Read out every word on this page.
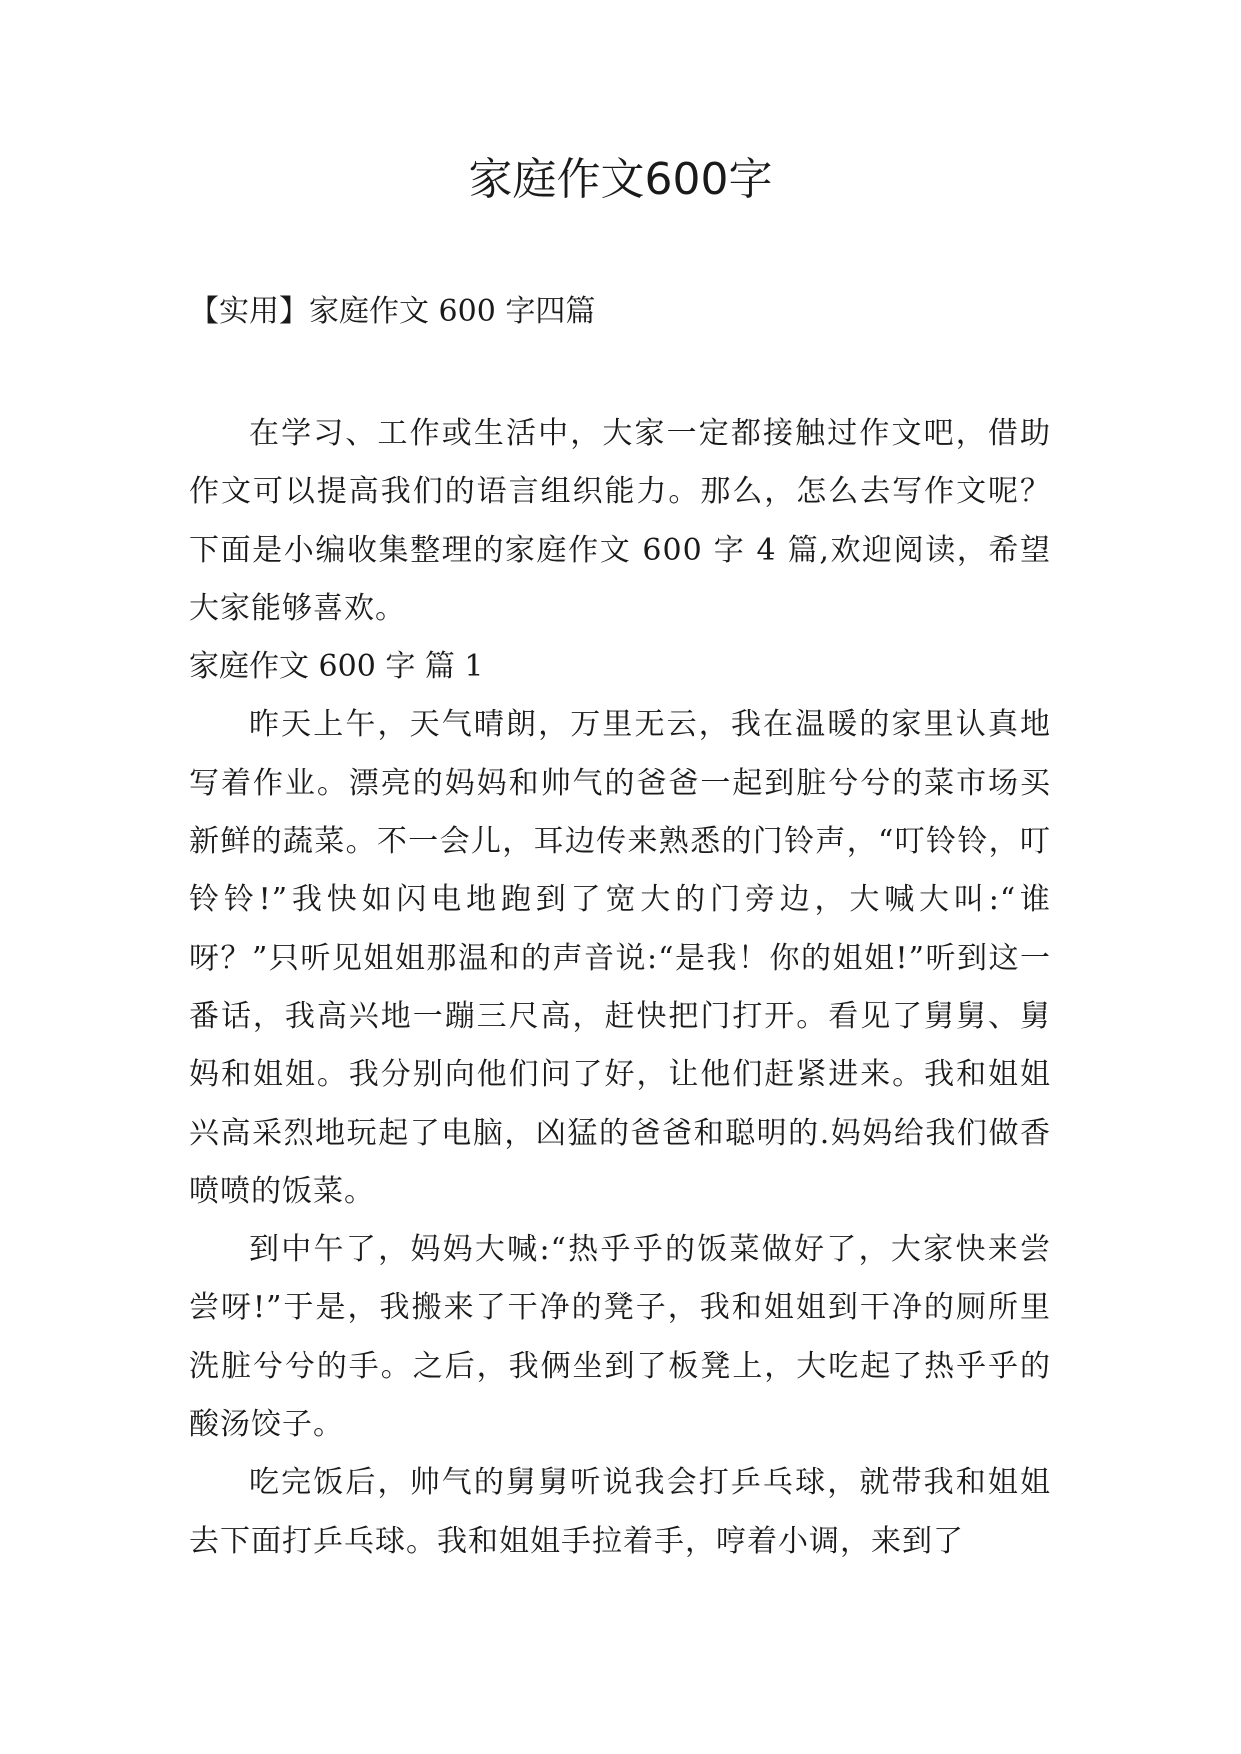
家庭作文600字

【实用】家庭作文 600 字四篇

在学习、工作或生活中，大家一定都接触过作文吧，借助作文可以提高我们的语言组织能力。那么，怎么去写作文呢？下面是小编收集整理的家庭作文 600 字 4 篇,欢迎阅读，希望大家能够喜欢。

家庭作文 600 字 篇 1

昨天上午，天气晴朗，万里无云，我在温暖的家里认真地写着作业。漂亮的妈妈和帅气的爸爸一起到脏兮兮的菜市场买新鲜的蔬菜。不一会儿，耳边传来熟悉的门铃声，“叮铃铃，叮铃铃!”我快如闪电地跑到了宽大的门旁边，大喊大叫:“谁呀？”只听见姐姐那温和的声音说:“是我！你的姐姐!”听到这一番话，我高兴地一蹦三尺高，赶快把门打开。看见了舅舅、舅妈和姐姐。我分别向他们问了好，让他们赶紧进来。我和姐姐兴高采烈地玩起了电脑，凶猛的爸爸和聪明的.妈妈给我们做香喷喷的饭菜。

到中午了，妈妈大喊:“热乎乎的饭菜做好了，大家快来尝尝呀!”于是，我搬来了干净的凳子，我和姐姐到干净的厕所里洗脏兮兮的手。之后，我俩坐到了板凳上，大吃起了热乎乎的酸汤饺子。

吃完饭后，帅气的舅舅听说我会打乒乓球，就带我和姐姐去下面打乒乓球。我和姐姐手拉着手，哼着小调，来到了
